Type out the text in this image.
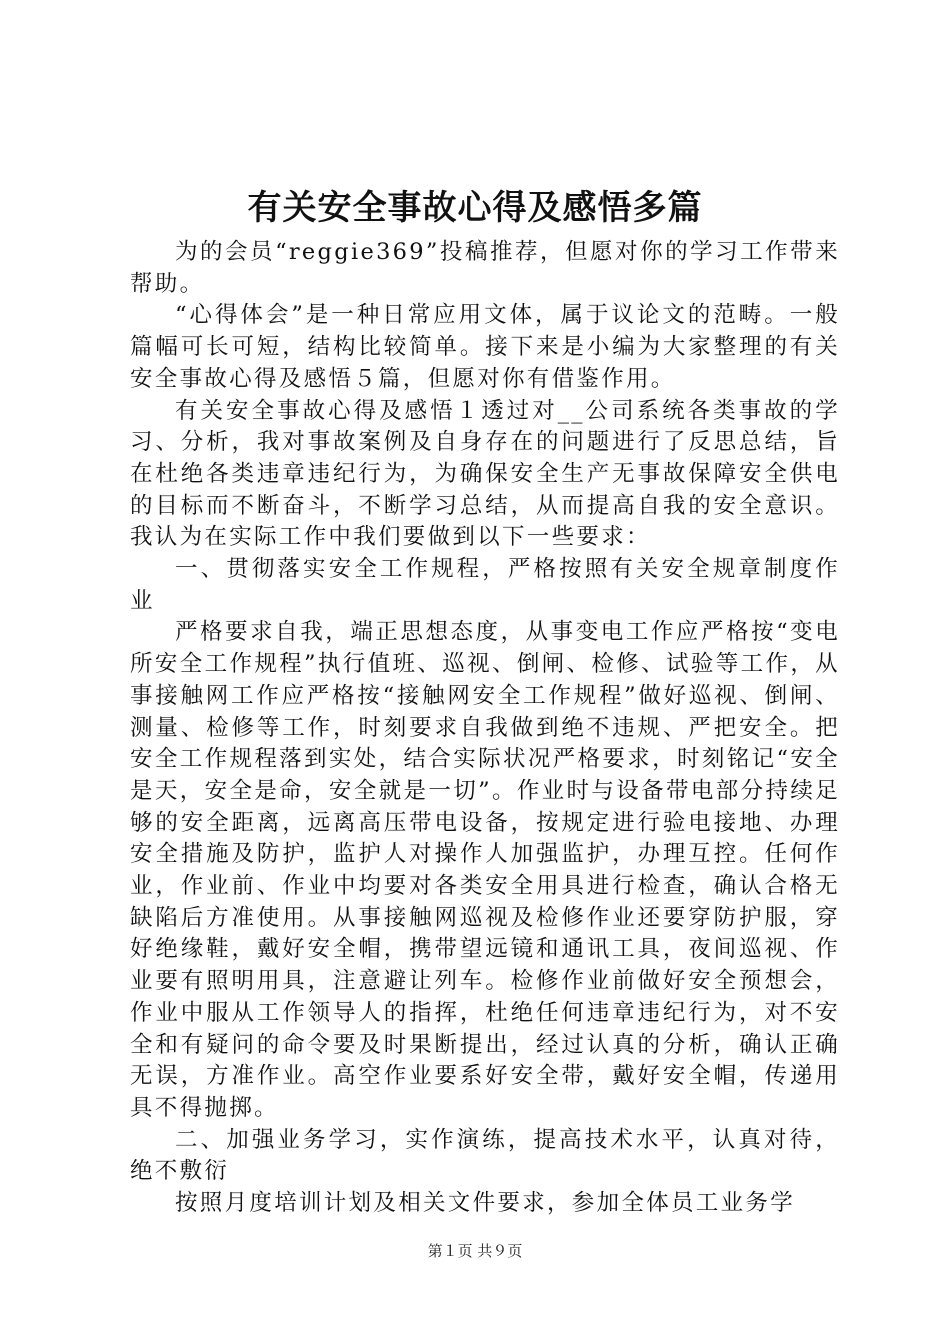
有关安全事故心得及感悟多篇

为的会员“reggie369”投稿推荐，但愿对你的学习工作带来帮助。

“心得体会”是一种日常应用文体，属于议论文的范畴。一般篇幅可长可短，结构比较简单。接下来是小编为大家整理的有关安全事故心得及感悟５篇，但愿对你有借鉴作用。

有关安全事故心得及感悟１透过对__公司系统各类事故的学习、分析，我对事故案例及自身存在的问题进行了反思总结，旨在杜绝各类违章违纪行为，为确保安全生产无事故保障安全供电的目标而不断奋斗，不断学习总结，从而提高自我的安全意识。我认为在实际工作中我们要做到以下一些要求：

一、贯彻落实安全工作规程，严格按照有关安全规章制度作业

严格要求自我，端正思想态度，从事变电工作应严格按“变电所安全工作规程”执行值班、巡视、倒闸、检修、试验等工作，从事接触网工作应严格按“接触网安全工作规程”做好巡视、倒闸、测量、检修等工作，时刻要求自我做到绝不违规、严把安全。把安全工作规程落到实处，结合实际状况严格要求，时刻铭记“安全是天，安全是命，安全就是一切”。作业时与设备带电部分持续足够的安全距离，远离高压带电设备，按规定进行验电接地、办理安全措施及防护，监护人对操作人加强监护，办理互控。任何作业，作业前、作业中均要对各类安全用具进行检查，确认合格无缺陷后方准使用。从事接触网巡视及检修作业还要穿防护服，穿好绝缘鞋，戴好安全帽，携带望远镜和通讯工具，夜间巡视、作业要有照明用具，注意避让列车。检修作业前做好安全预想会，作业中服从工作领导人的指挥，杜绝任何违章违纪行为，对不安全和有疑问的命令要及时果断提出，经过认真的分析，确认正确无误，方准作业。高空作业要系好安全带，戴好安全帽，传递用具不得抛掷。

二、加强业务学习，实作演练，提高技术水平，认真对待，绝不敷衍

按照月度培训计划及相关文件要求，参加全体员工业务学

第１页 共９页
